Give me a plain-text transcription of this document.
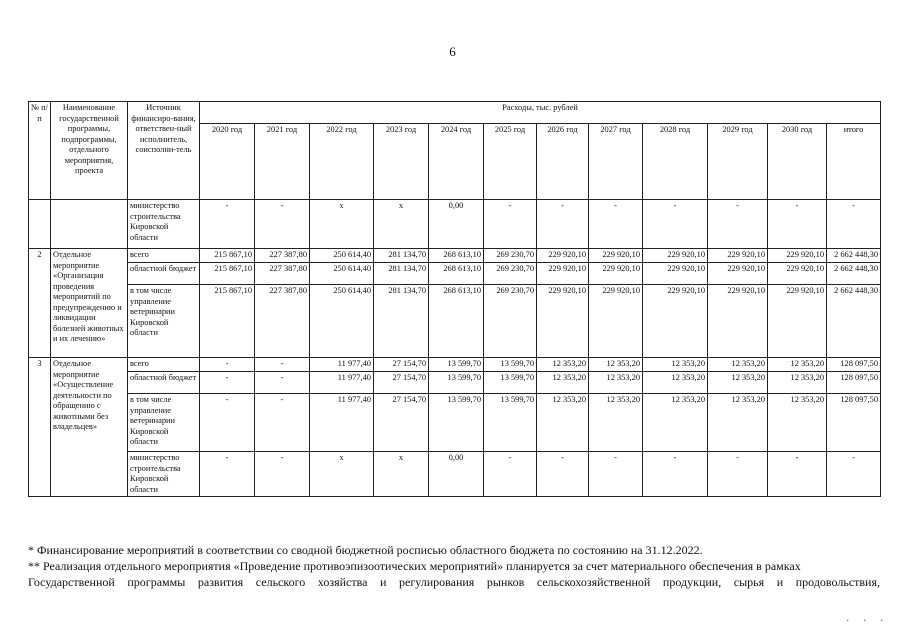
6
№ п/п	Наименование государственной программы, подпрограммы, отдельного мероприятия, проекта	Источник финансиро-вания, ответствен-ный исполнитель, соисполни-тель	Расходы, тыс. рублей											
			2020 год	2021 год	2022 год	2023 год	2024 год	2025 год	2026 год	2027 год	2028 год	2029 год	2030 год	итого
		министерство строительства Кировской области	-	-	х	х	0,00	-	-	-	-	-	-	-
2	Отдельное мероприятие «Организация проведения мероприятий по предупреждению и ликвидации болезней животных и их лечению»	всего	215 867,10	227 387,80	250 614,40	281 134,70	268 613,10	269 230,70	229 920,10	229 920,10	229 920,10	229 920,10	229 920,10	2 662 448,30
		областной бюджет	215 867,10	227 387,80	250 614,40	281 134,70	268 613,10	269 230,70	229 920,10	229 920,10	229 920,10	229 920,10	229 920,10	2 662 448,30
		в том числе управление ветеринарии Кировской области	215 867,10	227 387,80	250 614,40	281 134,70	268 613,10	269 230,70	229 920,10	229 920,10	229 920,10	229 920,10	229 920,10	2 662 448,30
3	Отдельное мероприятие «Осуществление деятельности по обращению с животными без владельцев»	всего	-	-	11 977,40	27 154,70	13 599,70	13 599,70	12 353,20	12 353,20	12 353,20	12 353,20	12 353,20	128 097,50
		областной бюджет	-	-	11 977,40	27 154,70	13 599,70	13 599,70	12 353,20	12 353,20	12 353,20	12 353,20	12 353,20	128 097,50
		в том числе управление ветеринарии Кировской области	-	-	11 977,40	27 154,70	13 599,70	13 599,70	12 353,20	12 353,20	12 353,20	12 353,20	12 353,20	128 097,50
		министерство строительства Кировской области	-	-	х	х	0,00	-	-	-	-	-	-	-

* Финансирование мероприятий в соответствии со сводной бюджетной росписью областного бюджета по состоянию на 31.12.2022.

** Реализация отдельного мероприятия «Проведение противоэпизоотических мероприятий» планируется за счет материального обеспечения в рамках

Государственной программы развития сельского хозяйства и регулирования рынков сельскохозяйственной продукции, сырья и продовольствия,

. . .
